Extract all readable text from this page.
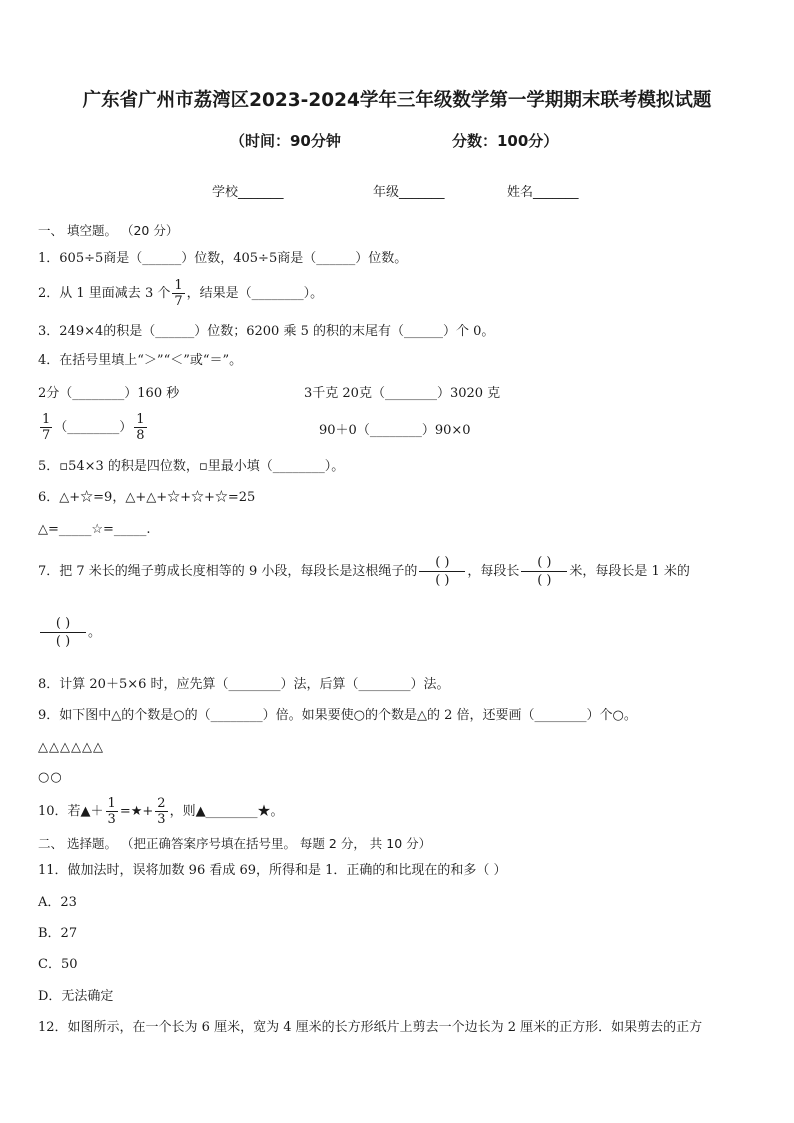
广东省广州市荔湾区2023-2024学年三年级数学第一学期期末联考模拟试题
（时间：90分钟	分数：100分）
学校_______	年级_______	姓名_______
一、 填空题。 （20 分）
1．605÷5商是（______）位数，405÷5商是（______）位数。
2．从 1 里面减去 3 个 $\frac{1}{7}$ ，结果是（________）。
3．249×4的积是（______）位数；6200 乘 5 的积的末尾有（______）个 0。
4．在括号里填上“＞”“＜”或“＝”。
2分（________）160 秒	3千克 20克（________）3020 克
$\frac{1}{7}$ （________） $\frac{1}{8}$	90＋0（________）90×0
5．▫54×3 的积是四位数，▫里最小填（________）。
6．△+☆=9，△+△+☆+☆+☆=25
△=_____☆=_____.
7．把 7 米长的绳子剪成长度相等的 9 小段，每段长是这根绳子的 $\frac{( )}{( )}$ ，每段长 $\frac{( )}{( )}$ 米，每段长是 1 米的
$\frac{( )}{( )}$ 。
8．计算 20＋5×6 时，应先算（________）法，后算（________）法。
9．如下图中△的个数是○的（________）倍。如果要使○的个数是△的 2 倍，还要画（________）个○。
△△△△△△
○○
10．若▲＋ $\frac{1}{3}$ =★+ $\frac{2}{3}$ ，则▲________★。
二、 选择题。 （把正确答案序号填在括号里。 每题 2 分， 共 10 分）
11．做加法时，误将加数 96 看成 69，所得和是 1．正确的和比现在的和多（ ）
A．23
B．27
C．50
D．无法确定
12．如图所示，在一个长为 6 厘米，宽为 4 厘米的长方形纸片上剪去一个边长为 2 厘米的正方形．如果剪去的正方
